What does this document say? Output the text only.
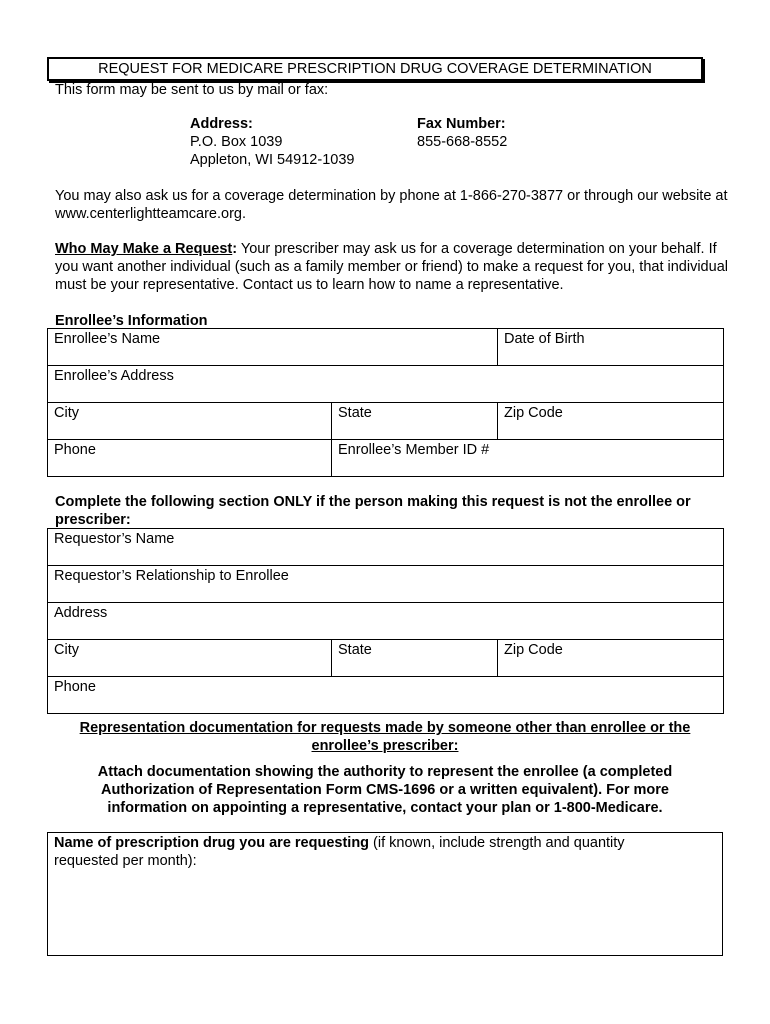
REQUEST FOR MEDICARE PRESCRIPTION DRUG COVERAGE DETERMINATION
This form may be sent to us by mail or fax:
Address:
P.O. Box 1039
Appleton, WI 54912-1039
Fax Number:
855-668-8552
You may also ask us for a coverage determination by phone at 1-866-270-3877 or through our website at www.centerlightteamcare.org.
Who May Make a Request: Your prescriber may ask us for a coverage determination on your behalf. If you want another individual (such as a family member or friend) to make a request for you, that individual must be your representative. Contact us to learn how to name a representative.
Enrollee’s Information
Enrollee’s Name		Date of Birth
Enrollee’s Address		
City	State	Zip Code
Phone	Enrollee’s Member ID #	
Complete the following section ONLY if the person making this request is not the enrollee or prescriber:
Requestor’s Name
Requestor’s Relationship to Enrollee
Address
City	State	Zip Code
Phone
Representation documentation for requests made by someone other than enrollee or the enrollee’s prescriber:
Attach documentation showing the authority to represent the enrollee (a completed Authorization of Representation Form CMS-1696 or a written equivalent). For more information on appointing a representative, contact your plan or 1-800-Medicare.
Name of prescription drug you are requesting (if known, include strength and quantity requested per month):
